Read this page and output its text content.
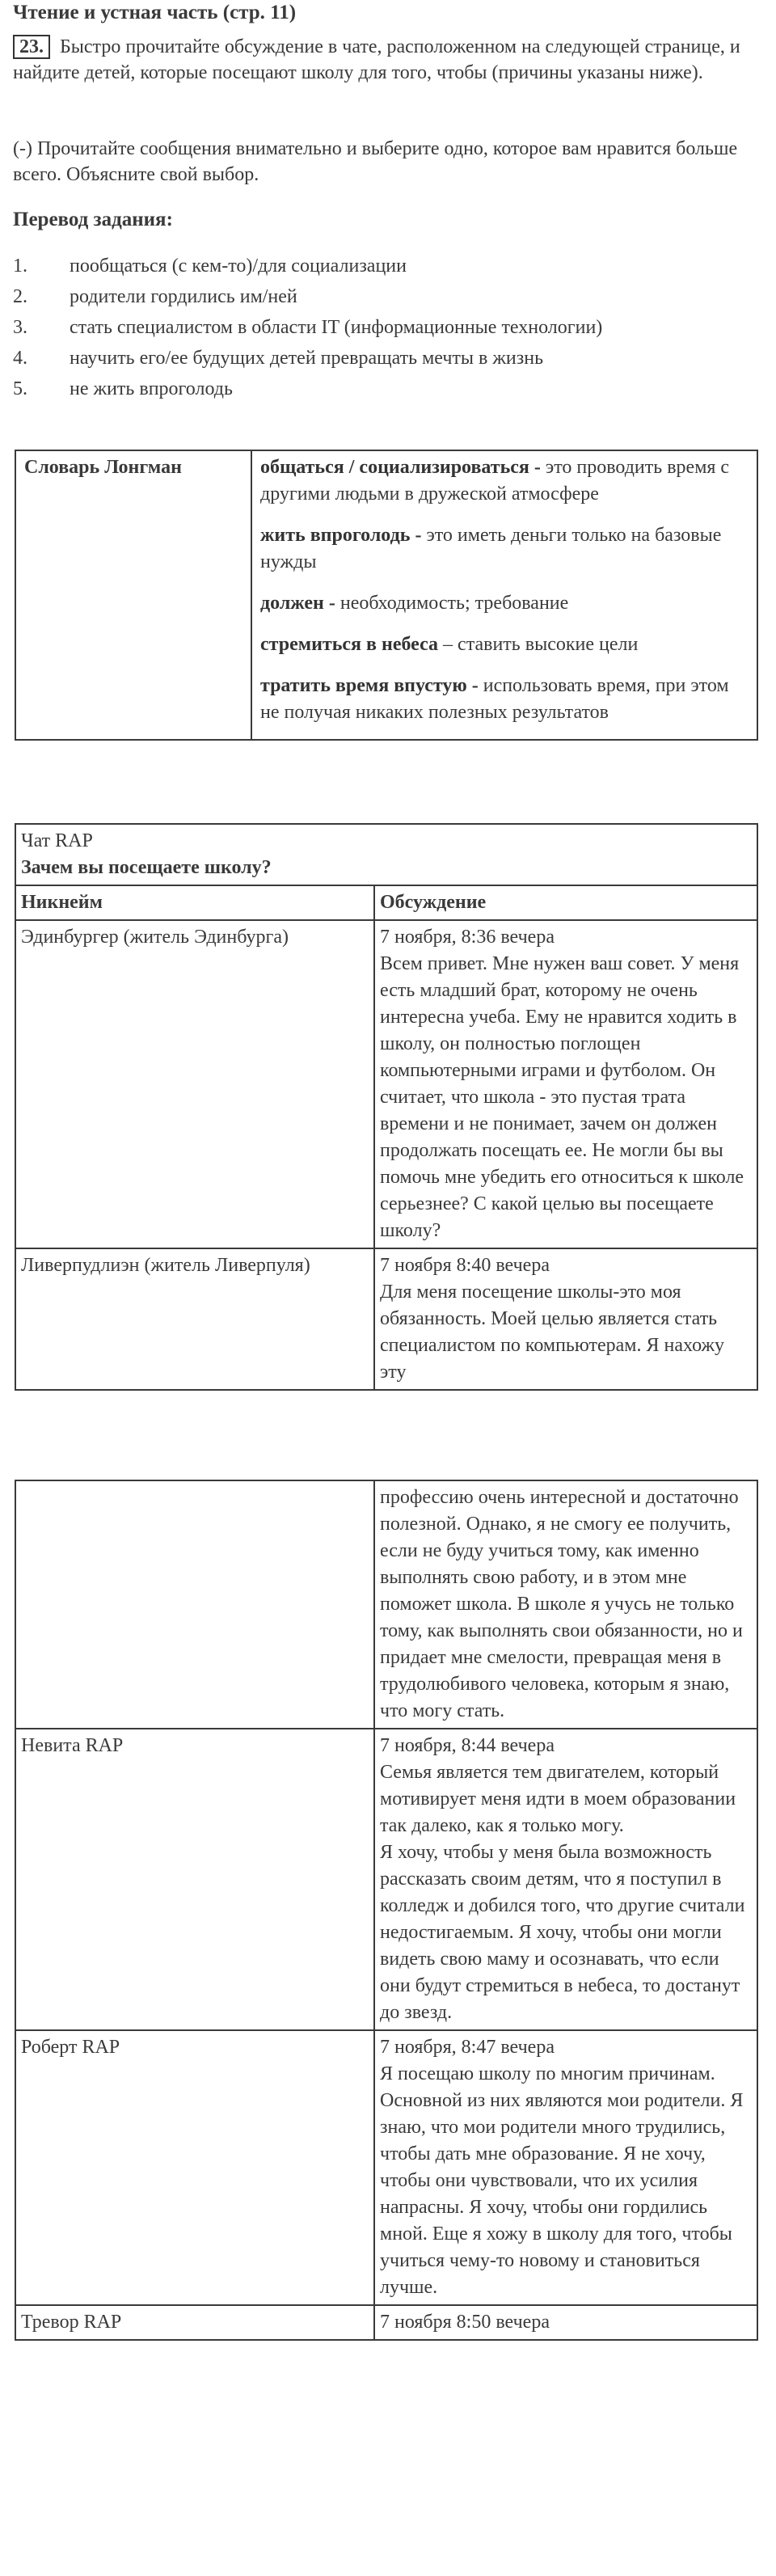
Чтение и устная часть (стр. 11)

23. Быстро прочитайте обсуждение в чате, расположенном на следующей странице, и найдите детей, которые посещают школу для того, чтобы (причины указаны ниже).

(-) Прочитайте сообщения внимательно и выберите одно, которое вам нравится больше всего. Объясните свой выбор.

Перевод задания:
1. пообщаться (с кем-то)/для социализации
2. родители гордились им/ней
3. стать специалистом в области IT (информационные технологии)
4. научить его/ее будущих детей превращать мечты в жизнь
5. не жить впроголодь
Словарь Лонгман	общаться / социализироваться - это проводить время с другими людьми в дружеской атмосфере

жить впроголодь - это иметь деньги только на базовые нужды

должен - необходимость; требование

стремиться в небеса – ставить высокие цели

тратить время впустую - использовать время, при этом не получая никаких полезных результатов

Чат RAP
Зачем вы посещаете школу?	

Никнейм	Обсуждение
Эдинбургер (житель Эдинбурга)	7 ноября, 8:36 вечера
Всем привет. Мне нужен ваш совет. У меня есть младший брат, которому не очень интересна учеба. Ему не нравится ходить в школу, он полностью поглощен компьютерными играми и футболом. Он считает, что школа - это пустая трата времени и не понимает, зачем он должен продолжать посещать ее. Не могли бы вы помочь мне убедить его относиться к школе серьезнее? С какой целью вы посещаете школу?

Ливерпудлиэн (житель Ливерпуля)	7 ноября 8:40 вечера
Для меня посещение школы-это моя обязанность. Моей целью является стать специалистом по компьютерам. Я нахожу эту

	профессию очень интересной и достаточно полезной. Однако, я не смогу ее получить, если не буду учиться тому, как именно выполнять свою работу, и в этом мне поможет школа. В школе я учусь не только тому, как выполнять свои обязанности, но и придает мне смелости, превращая меня в трудолюбивого человека, которым я знаю, что могу стать.

Невита RAP	7 ноября, 8:44 вечера
Семья является тем двигателем, который мотивирует меня идти в моем образовании так далеко, как я только могу.
Я хочу, чтобы у меня была возможность рассказать своим детям, что я поступил в колледж и добился того, что другие считали недостигаемым. Я хочу, чтобы они могли видеть свою маму и осознавать, что если они будут стремиться в небеса, то достанут до звезд.

Роберт RAP	7 ноября, 8:47 вечера
Я посещаю школу по многим причинам. Основной из них являются мои родители. Я знаю, что мои родители много трудились, чтобы дать мне образование. Я не хочу, чтобы они чувствовали, что их усилия напрасны. Я хочу, чтобы они гордились мной. Еще я хожу в школу для того, чтобы учиться чему-то новому и становиться лучше.

Тревор RAP	7 ноября 8:50 вечера
